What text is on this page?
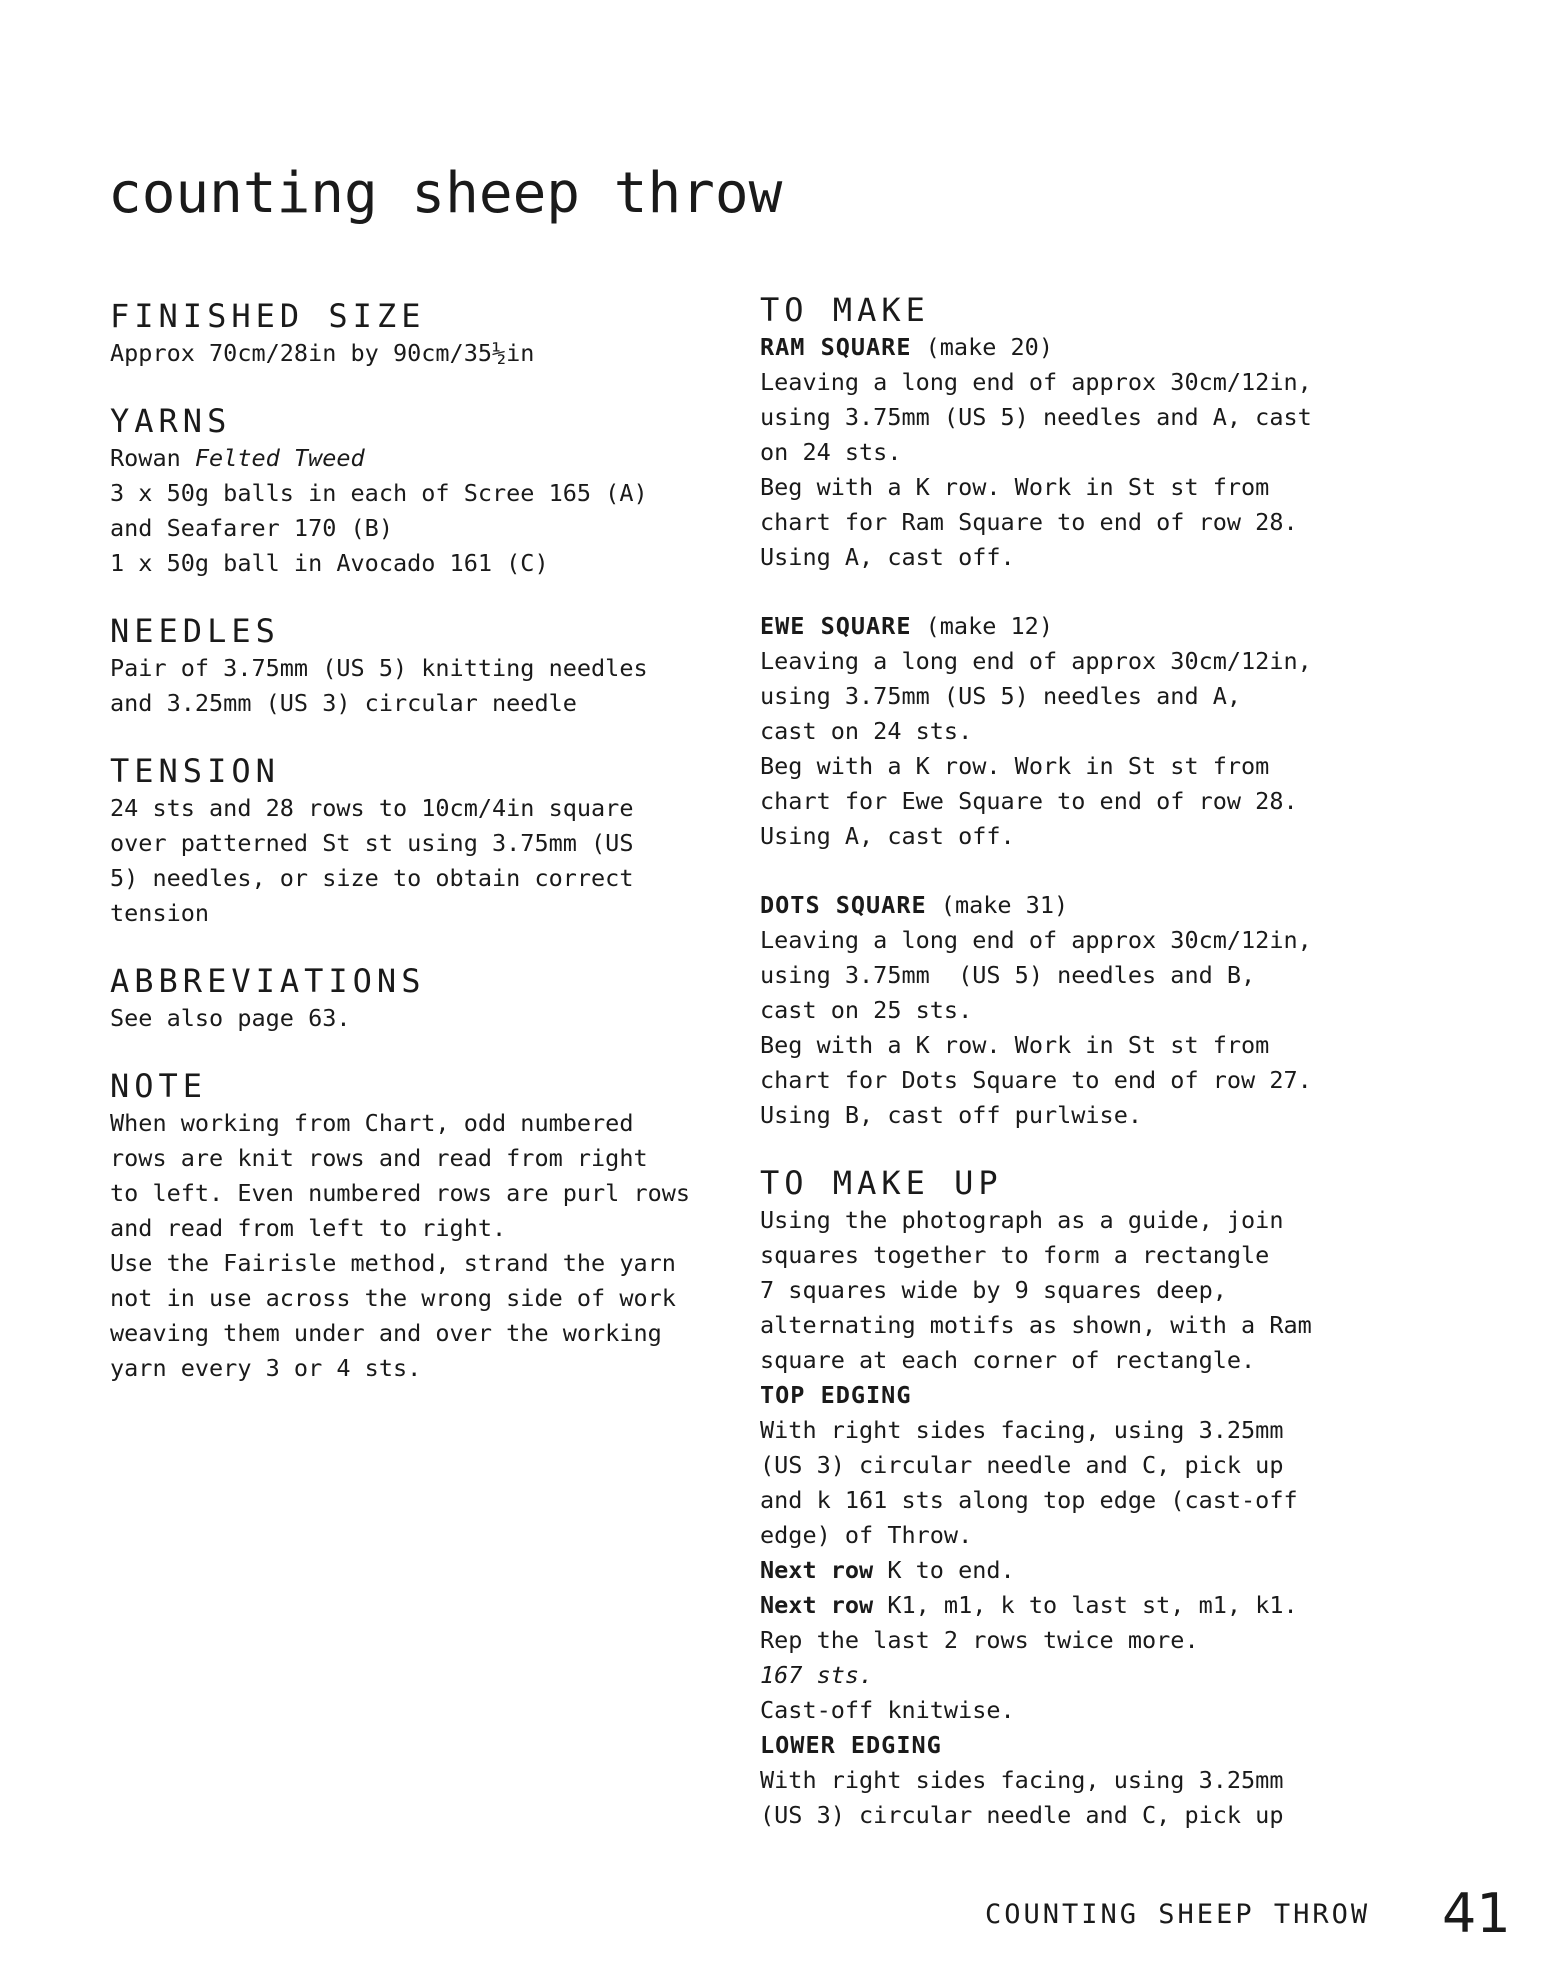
counting sheep throw
FINISHED SIZE
Approx 70cm/28in by 90cm/35½in
YARNS
Rowan Felted Tweed
3 x 50g balls in each of Scree 165 (A)
and Seafarer 170 (B)
1 x 50g ball in Avocado 161 (C)
NEEDLES
Pair of 3.75mm (US 5) knitting needles
and 3.25mm (US 3) circular needle
TENSION
24 sts and 28 rows to 10cm/4in square
over patterned St st using 3.75mm (US
5) needles, or size to obtain correct
tension
ABBREVIATIONS
See also page 63.
NOTE
When working from Chart, odd numbered
rows are knit rows and read from right
to left. Even numbered rows are purl rows
and read from left to right.
Use the Fairisle method, strand the yarn
not in use across the wrong side of work
weaving them under and over the working
yarn every 3 or 4 sts.
TO MAKE
RAM SQUARE (make 20)
Leaving a long end of approx 30cm/12in,
using 3.75mm (US 5) needles and A, cast
on 24 sts.
Beg with a K row. Work in St st from
chart for Ram Square to end of row 28.
Using A, cast off.
EWE SQUARE (make 12)
Leaving a long end of approx 30cm/12in,
using 3.75mm (US 5) needles and A,
cast on 24 sts.
Beg with a K row. Work in St st from
chart for Ewe Square to end of row 28.
Using A, cast off.
DOTS SQUARE (make 31)
Leaving a long end of approx 30cm/12in,
using 3.75mm  (US 5) needles and B,
cast on 25 sts.
Beg with a K row. Work in St st from
chart for Dots Square to end of row 27.
Using B, cast off purlwise.
TO MAKE UP
Using the photograph as a guide, join
squares together to form a rectangle
7 squares wide by 9 squares deep,
alternating motifs as shown, with a Ram
square at each corner of rectangle.
TOP EDGING
With right sides facing, using 3.25mm
(US 3) circular needle and C, pick up
and k 161 sts along top edge (cast-off
edge) of Throw.
Next row K to end.
Next row K1, m1, k to last st, m1, k1.
Rep the last 2 rows twice more.
167 sts.
Cast-off knitwise.
LOWER EDGING
With right sides facing, using 3.25mm
(US 3) circular needle and C, pick up
COUNTING SHEEP THROW 41
